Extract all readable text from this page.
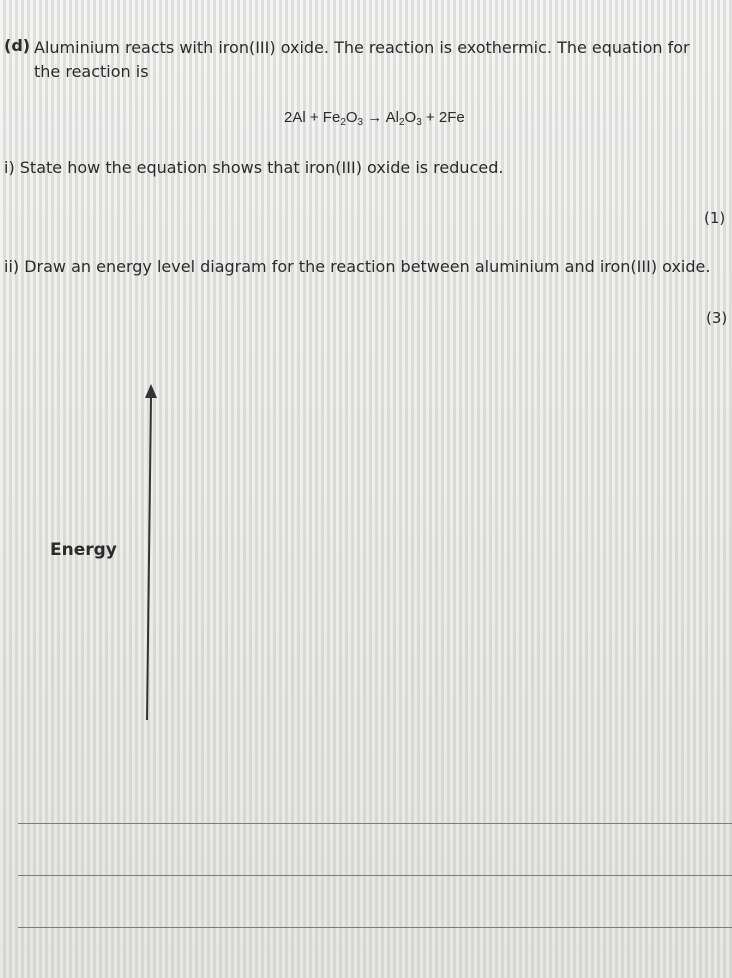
(d) Aluminium reacts with iron(III) oxide. The reaction is exothermic. The equation for the reaction is
$2Al + Fe_2O_3 \to Al_2O_3 + 2Fe$
i) State how the equation shows that iron(III) oxide is reduced.
(1)
ii) Draw an energy level diagram for the reaction between aluminium and iron(III) oxide.
(3)
Energy
